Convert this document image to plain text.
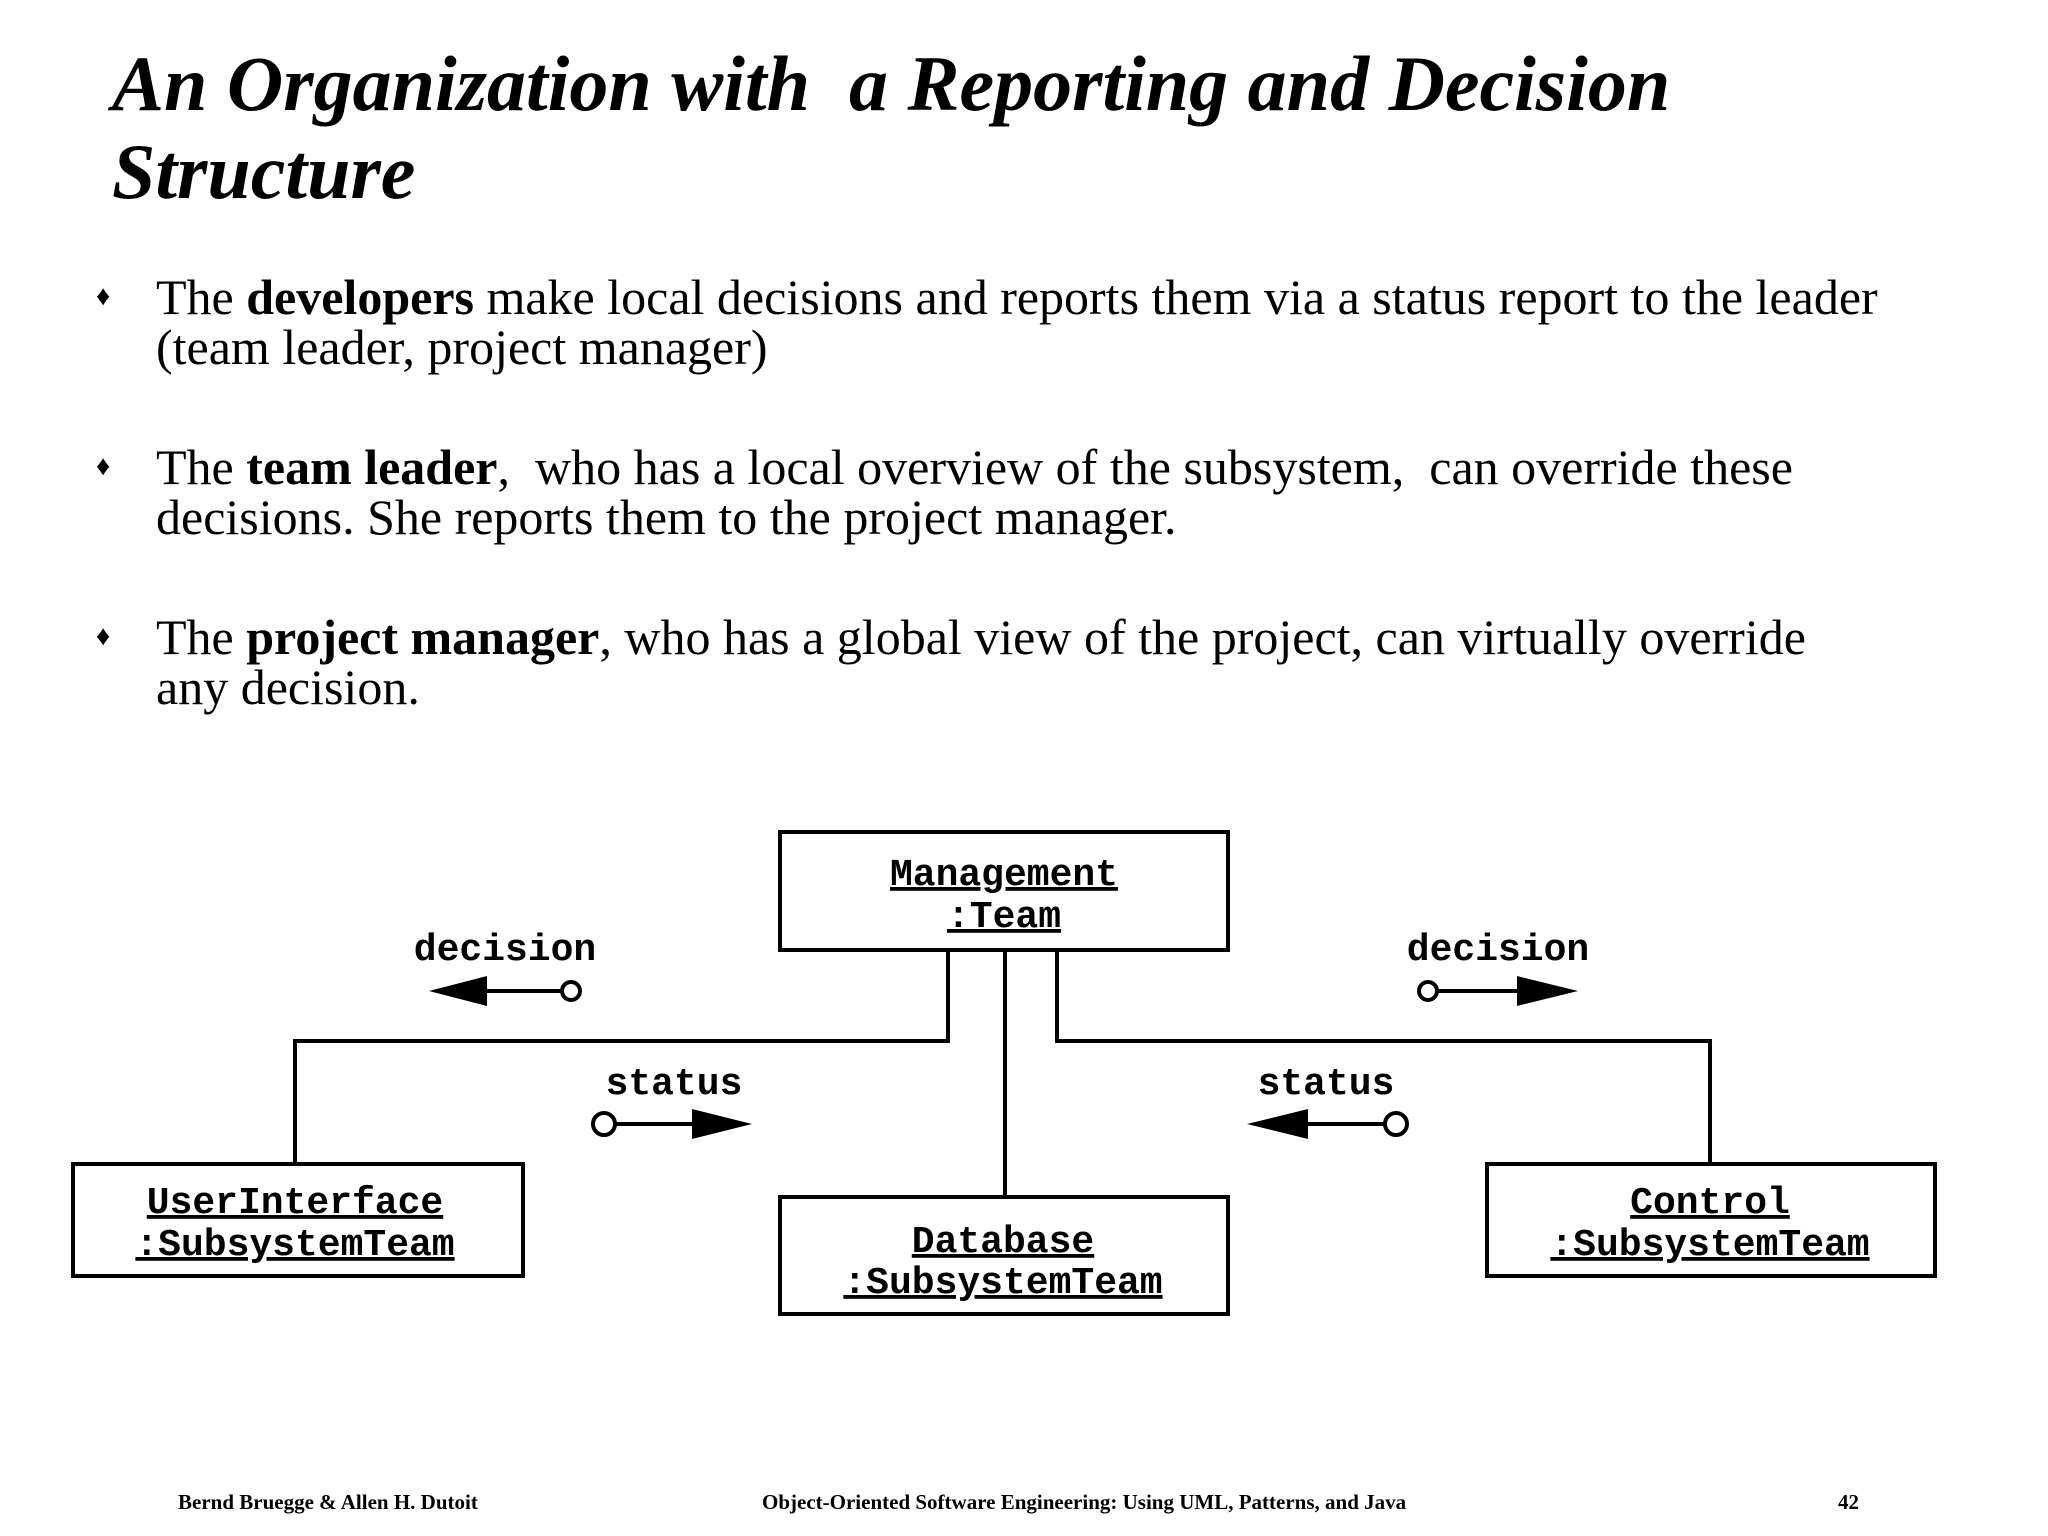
An Organization with  a Reporting and Decision
Structure
♦ The developers make local decisions and reports them via a status report to the leader
(team leader, project manager)
♦ The team leader,  who has a local overview of the subsystem,  can override these
decisions. She reports them to the project manager.
♦ The project manager, who has a global view of the project, can virtually override
any decision.
Management
:Team
UserInterface
:SubsystemTeam	Database
:SubsystemTeam
Control
:SubsystemTeam
decision	decision
status	status
Bernd Bruegge & Allen H. Dutoit	Object-Oriented Software Engineering: Using UML, Patterns, and Java	42
